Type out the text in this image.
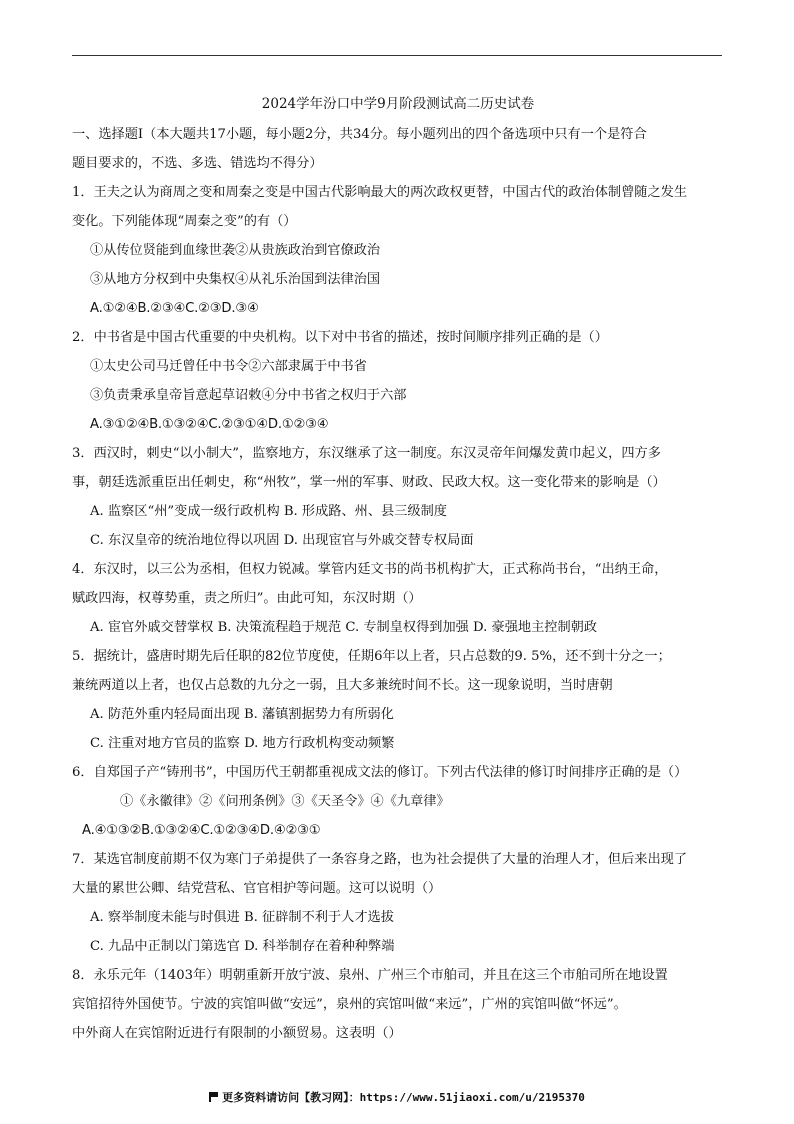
2024学年汾口中学9月阶段测试高二历史试卷
一、选择题Ⅰ（本大题共17小题，每小题2分，共34分。每小题列出的四个备选项中只有一个是符合
题目要求的，不选、多选、错选均不得分）
1．王夫之认为商周之变和周秦之变是中国古代影响最大的两次政权更替，中国古代的政治体制曾随之发生
变化。下列能体现“周秦之变”的有（）
①从传位贤能到血缘世袭②从贵族政治到官僚政治
③从地方分权到中央集权④从礼乐治国到法律治国
A.①②④B.②③④C.②③D.③④
2．中书省是中国古代重要的中央机构。以下对中书省的描述，按时间顺序排列正确的是（）
①太史公司马迁曾任中书令②六部隶属于中书省
③负责秉承皇帝旨意起草诏敕④分中书省之权归于六部
A.③①②④B.①③②④C.②③①④D.①②③④
3．西汉时，刺史“以小制大”，监察地方，东汉继承了这一制度。东汉灵帝年间爆发黄巾起义，四方多
事，朝廷选派重臣出任刺史，称“州牧”，掌一州的军事、财政、民政大权。这一变化带来的影响是（）
A. 监察区“州”变成一级行政机构 B. 形成路、州、县三级制度
C. 东汉皇帝的统治地位得以巩固 D. 出现宦官与外戚交替专权局面
4．东汉时，以三公为丞相，但权力锐减。掌管内廷文书的尚书机构扩大，正式称尚书台，“出纳王命，
赋政四海，权尊势重，责之所归”。由此可知，东汉时期（）
A. 宦官外戚交替掌权 B. 决策流程趋于规范 C. 专制皇权得到加强 D. 豪强地主控制朝政
5．据统计，盛唐时期先后任职的82位节度使，任期6年以上者，只占总数的9. 5%，还不到十分之一；
兼统两道以上者，也仅占总数的九分之一弱，且大多兼统时间不长。这一现象说明，当时唐朝
A. 防范外重内轻局面出现 B. 藩镇割据势力有所弱化
C. 注重对地方官员的监察 D. 地方行政机构变动频繁
6．自郑国子产“铸刑书”，中国历代王朝都重视成文法的修订。下列古代法律的修订时间排序正确的是（）
①《永徽律》②《问刑条例》③《天圣令》④《九章律》
A.④①③②B.①③②④C.①②③④D.④②③①
7．某选官制度前期不仅为寒门子弟提供了一条容身之路，也为社会提供了大量的治理人才，但后来出现了
大量的累世公卿、结党营私、官官相护等问题。这可以说明（）
A. 察举制度未能与时俱进 B. 征辟制不利于人才选拔
C. 九品中正制以门第选官 D. 科举制存在着种种弊端
8．永乐元年（1403年）明朝重新开放宁波、泉州、广州三个市舶司，并且在这三个市舶司所在地设置
宾馆招待外国使节。宁波的宾馆叫做“安远”，泉州的宾馆叫做“来远”，广州的宾馆叫做“怀远”。
中外商人在宾馆附近进行有限制的小额贸易。这表明（）
更多资料请访问【教习网】：https://www.51jiaoxi.com/u/2195370
